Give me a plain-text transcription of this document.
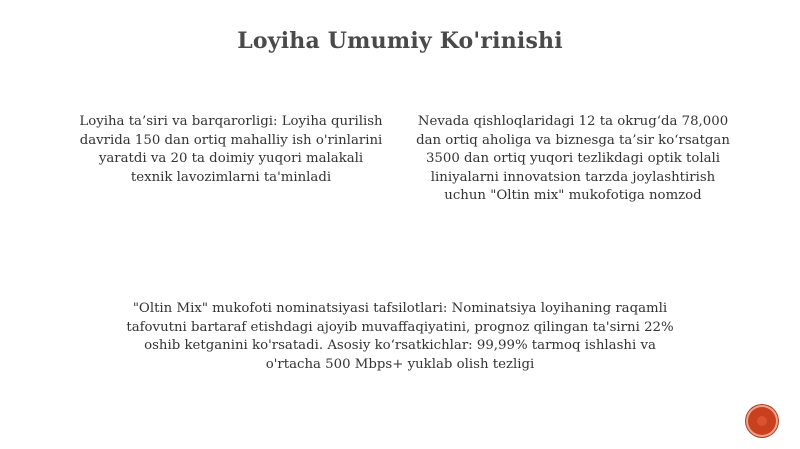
Loyiha Umumiy Ko'rinishi
Loyiha ta’siri va barqarorligi: Loyiha qurilish davrida 150 dan ortiq mahalliy ish o'rinlarini yaratdi va 20 ta doimiy yuqori malakali texnik lavozimlarni ta'minladi
Nevada qishloqlaridagi 12 ta okrug‘da 78,000 dan ortiq aholiga va biznesga ta’sir ko‘rsatgan 3500 dan ortiq yuqori tezlikdagi optik tolali liniyalarni innovatsion tarzda joylashtirish uchun "Oltin mix" mukofotiga nomzod
"Oltin Mix" mukofoti nominatsiyasi tafsilotlari: Nominatsiya loyihaning raqamli tafovutni bartaraf etishdagi ajoyib muvaffaqiyatini, prognoz qilingan ta'sirni 22% oshib ketganini ko'rsatadi. Asosiy ko‘rsatkichlar: 99,99% tarmoq ishlashi va o'rtacha 500 Mbps+ yuklab olish tezligi
